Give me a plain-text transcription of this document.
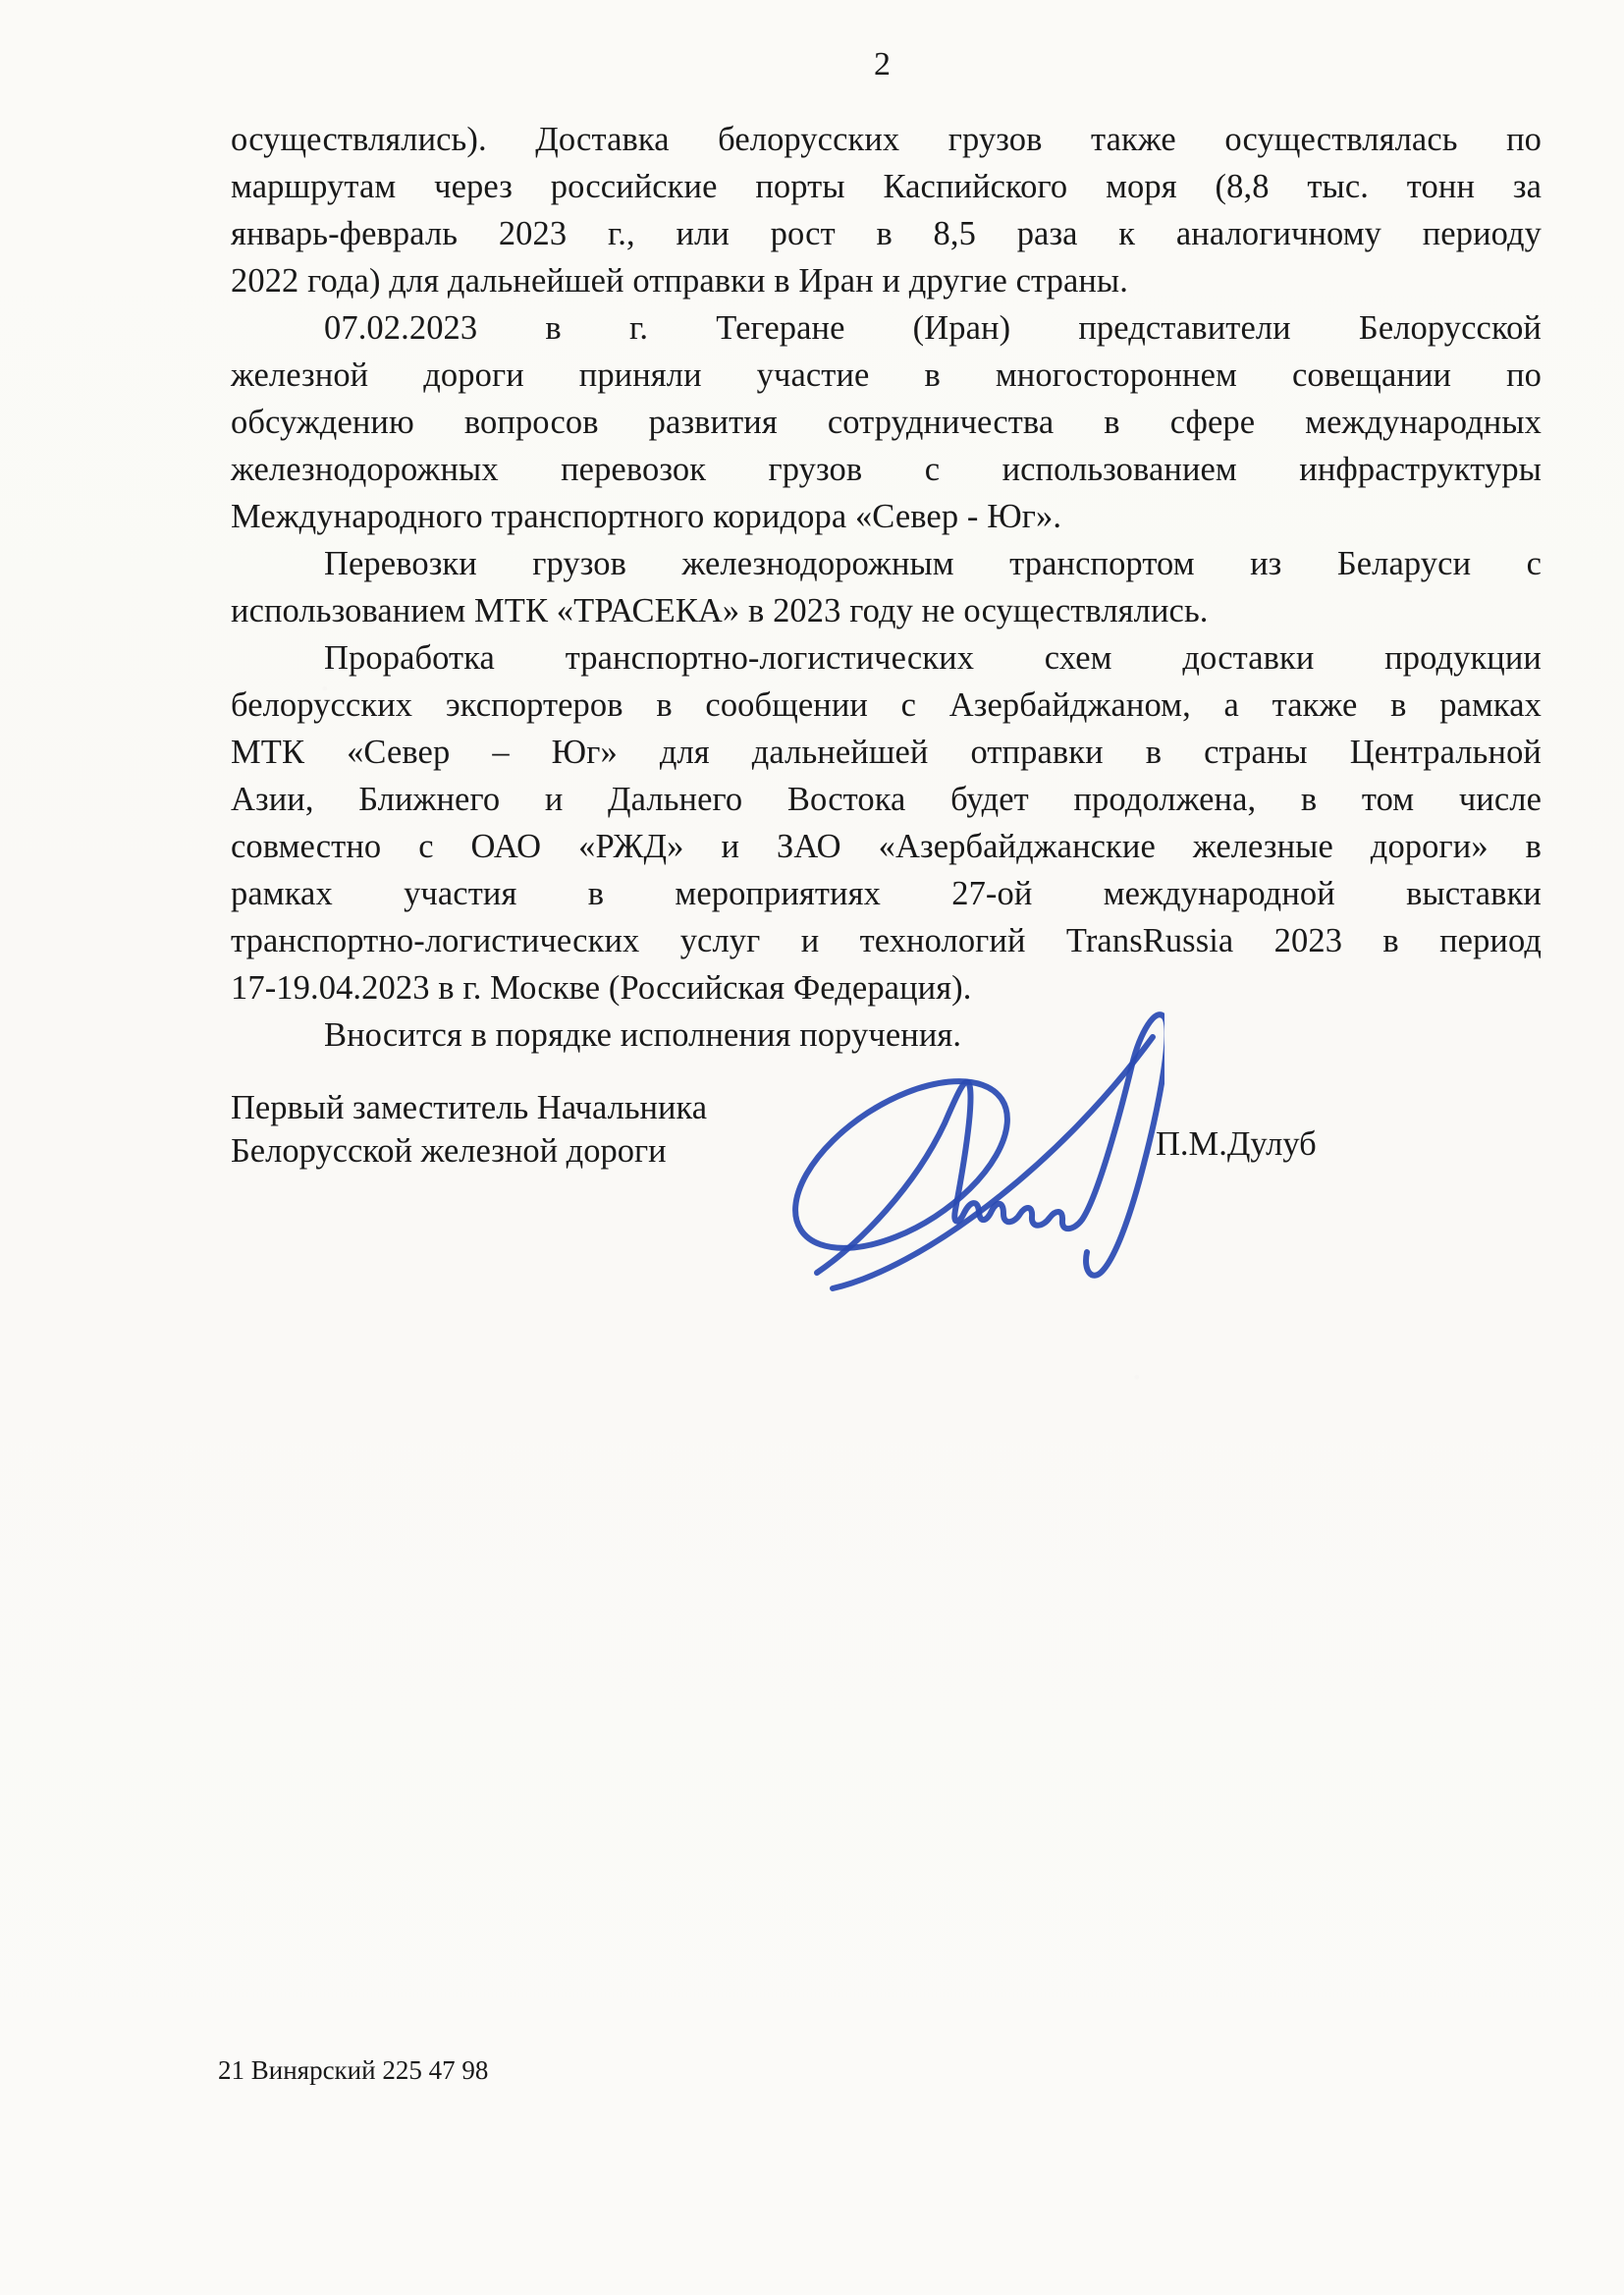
2
осуществлялись). Доставка белорусских грузов также осуществлялась по
маршрутам через российские порты Каспийского моря (8,8 тыс. тонн за
январь-февраль 2023 г., или рост в 8,5 раза к аналогичному периоду
2022 года) для дальнейшей отправки в Иран и другие страны.
07.02.2023 в г. Тегеране (Иран) представители Белорусской
железной дороги приняли участие в многостороннем совещании по
обсуждению вопросов развития сотрудничества в сфере международных
железнодорожных перевозок грузов с использованием инфраструктуры
Международного транспортного коридора «Север - Юг».
Перевозки грузов железнодорожным транспортом из Беларуси с
использованием МТК «ТРАСЕКА» в 2023 году не осуществлялись.
Проработка транспортно-логистических схем доставки продукции
белорусских экспортеров в сообщении с Азербайджаном, а также в рамках
МТК «Север – Юг» для дальнейшей отправки в страны Центральной
Азии, Ближнего и Дальнего Востока будет продолжена, в том числе
совместно с ОАО «РЖД» и ЗАО «Азербайджанские железные дороги» в
рамках участия в мероприятиях 27-ой международной выставки
транспортно-логистических услуг и технологий TransRussia 2023 в период
17-19.04.2023 в г. Москве (Российская Федерация).
Вносится в порядке исполнения поручения.
Первый заместитель Начальника
Белорусской железной дороги	П.М.Дулуб
21 Винярский 225 47 98
